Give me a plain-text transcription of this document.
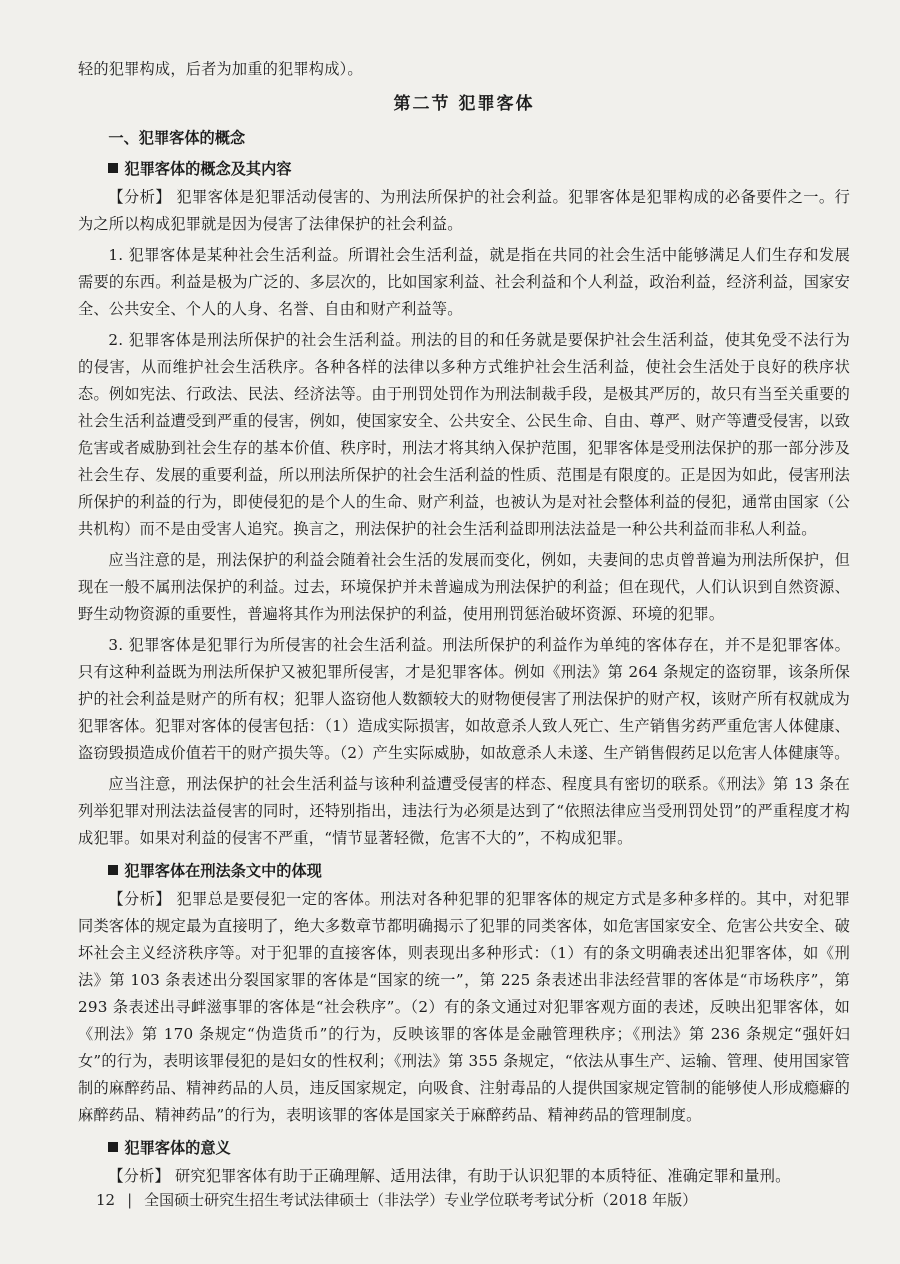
轻的犯罪构成，后者为加重的犯罪构成）。

第二节 犯罪客体
一、犯罪客体的概念
犯罪客体的概念及其内容

【分析】 犯罪客体是犯罪活动侵害的、为刑法所保护的社会利益。犯罪客体是犯罪构成的必备要件之一。行为之所以构成犯罪就是因为侵害了法律保护的社会利益。

1. 犯罪客体是某种社会生活利益。所谓社会生活利益，就是指在共同的社会生活中能够满足人们生存和发展需要的东西。利益是极为广泛的、多层次的，比如国家利益、社会利益和个人利益，政治利益，经济利益，国家安全、公共安全、个人的人身、名誉、自由和财产利益等。

2. 犯罪客体是刑法所保护的社会生活利益。刑法的目的和任务就是要保护社会生活利益，使其免受不法行为的侵害，从而维护社会生活秩序。各种各样的法律以多种方式维护社会生活利益，使社会生活处于良好的秩序状态。例如宪法、行政法、民法、经济法等。由于刑罚处罚作为刑法制裁手段，是极其严厉的，故只有当至关重要的社会生活利益遭受到严重的侵害，例如，使国家安全、公共安全、公民生命、自由、尊严、财产等遭受侵害，以致危害或者威胁到社会生存的基本价值、秩序时，刑法才将其纳入保护范围，犯罪客体是受刑法保护的那一部分涉及社会生存、发展的重要利益，所以刑法所保护的社会生活利益的性质、范围是有限度的。正是因为如此，侵害刑法所保护的利益的行为，即使侵犯的是个人的生命、财产利益，也被认为是对社会整体利益的侵犯，通常由国家（公共机构）而不是由受害人追究。换言之，刑法保护的社会生活利益即刑法法益是一种公共利益而非私人利益。

应当注意的是，刑法保护的利益会随着社会生活的发展而变化，例如，夫妻间的忠贞曾普遍为刑法所保护，但现在一般不属刑法保护的利益。过去，环境保护并未普遍成为刑法保护的利益；但在现代，人们认识到自然资源、野生动物资源的重要性，普遍将其作为刑法保护的利益，使用刑罚惩治破坏资源、环境的犯罪。

3. 犯罪客体是犯罪行为所侵害的社会生活利益。刑法所保护的利益作为单纯的客体存在，并不是犯罪客体。只有这种利益既为刑法所保护又被犯罪所侵害，才是犯罪客体。例如《刑法》第 264 条规定的盗窃罪，该条所保护的社会利益是财产的所有权；犯罪人盗窃他人数额较大的财物便侵害了刑法保护的财产权，该财产所有权就成为犯罪客体。犯罪对客体的侵害包括：（1）造成实际损害，如故意杀人致人死亡、生产销售劣药严重危害人体健康、盗窃毁损造成价值若干的财产损失等。（2）产生实际威胁，如故意杀人未遂、生产销售假药足以危害人体健康等。

应当注意，刑法保护的社会生活利益与该种利益遭受侵害的样态、程度具有密切的联系。《刑法》第 13 条在列举犯罪对刑法法益侵害的同时，还特别指出，违法行为必须是达到了“依照法律应当受刑罚处罚”的严重程度才构成犯罪。如果对利益的侵害不严重，“情节显著轻微，危害不大的”，不构成犯罪。

犯罪客体在刑法条文中的体现

【分析】 犯罪总是要侵犯一定的客体。刑法对各种犯罪的犯罪客体的规定方式是多种多样的。其中，对犯罪同类客体的规定最为直接明了，绝大多数章节都明确揭示了犯罪的同类客体，如危害国家安全、危害公共安全、破坏社会主义经济秩序等。对于犯罪的直接客体，则表现出多种形式：（1）有的条文明确表述出犯罪客体，如《刑法》第 103 条表述出分裂国家罪的客体是“国家的统一”，第 225 条表述出非法经营罪的客体是“市场秩序”，第 293 条表述出寻衅滋事罪的客体是“社会秩序”。（2）有的条文通过对犯罪客观方面的表述，反映出犯罪客体，如《刑法》第 170 条规定“伪造货币”的行为，反映该罪的客体是金融管理秩序；《刑法》第 236 条规定“强奸妇女”的行为，表明该罪侵犯的是妇女的性权利；《刑法》第 355 条规定，“依法从事生产、运输、管理、使用国家管制的麻醉药品、精神药品的人员，违反国家规定，向吸食、注射毒品的人提供国家规定管制的能够使人形成瘾癖的麻醉药品、精神药品”的行为，表明该罪的客体是国家关于麻醉药品、精神药品的管理制度。

犯罪客体的意义

【分析】 研究犯罪客体有助于正确理解、适用法律，有助于认识犯罪的本质特征、准确定罪和量刑。

12 | 全国硕士研究生招生考试法律硕士（非法学）专业学位联考考试分析（2018 年版）
